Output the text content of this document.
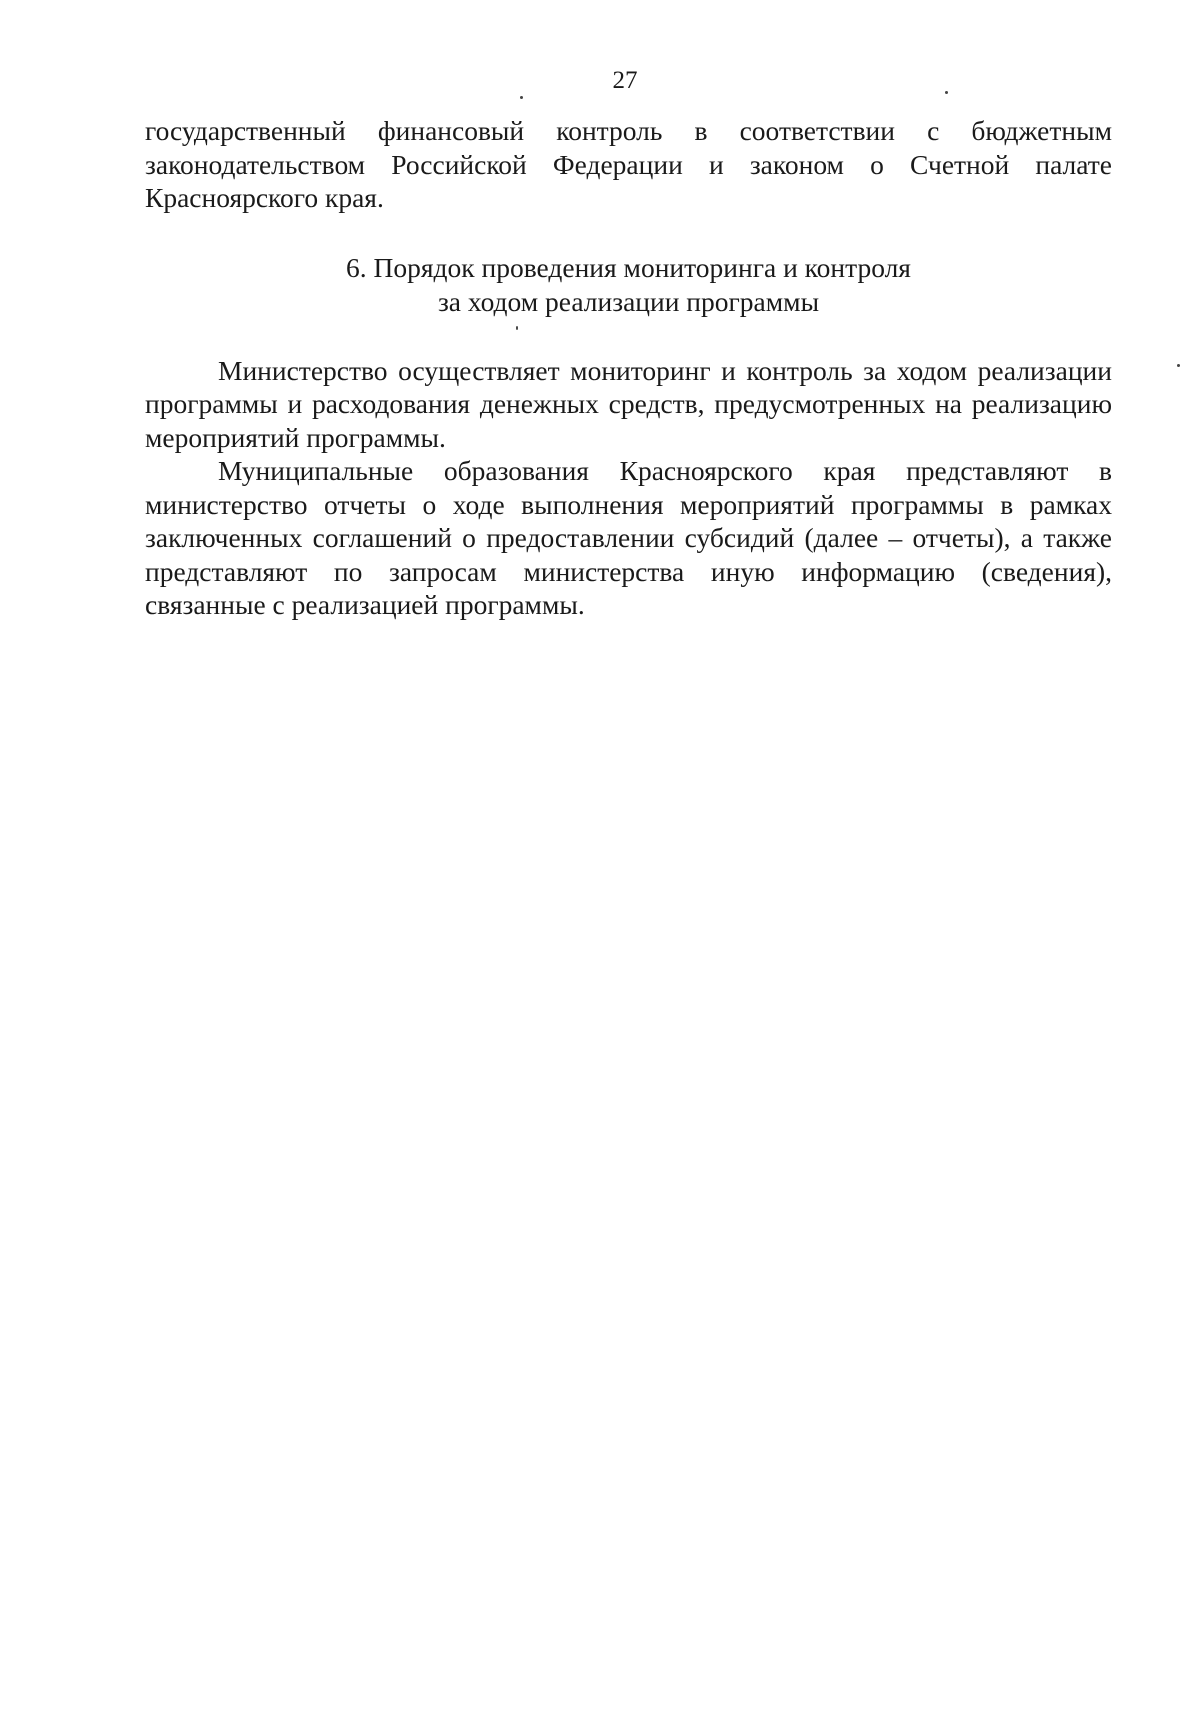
27

государственный финансовый контроль в соответствии с бюджетным законодательством Российской Федерации и законом о Счетной палате Красноярского края.

6. Порядок проведения мониторинга и контроля
за ходом реализации программы

Министерство осуществляет мониторинг и контроль за ходом реализации программы и расходования денежных средств, предусмотренных на реализацию мероприятий программы.

Муниципальные образования Красноярского края представляют в министерство отчеты о ходе выполнения мероприятий программы в рамках заключенных соглашений о предоставлении субсидий (далее – отчеты), а также представляют по запросам министерства иную информацию (сведения), связанные с реализацией программы.
